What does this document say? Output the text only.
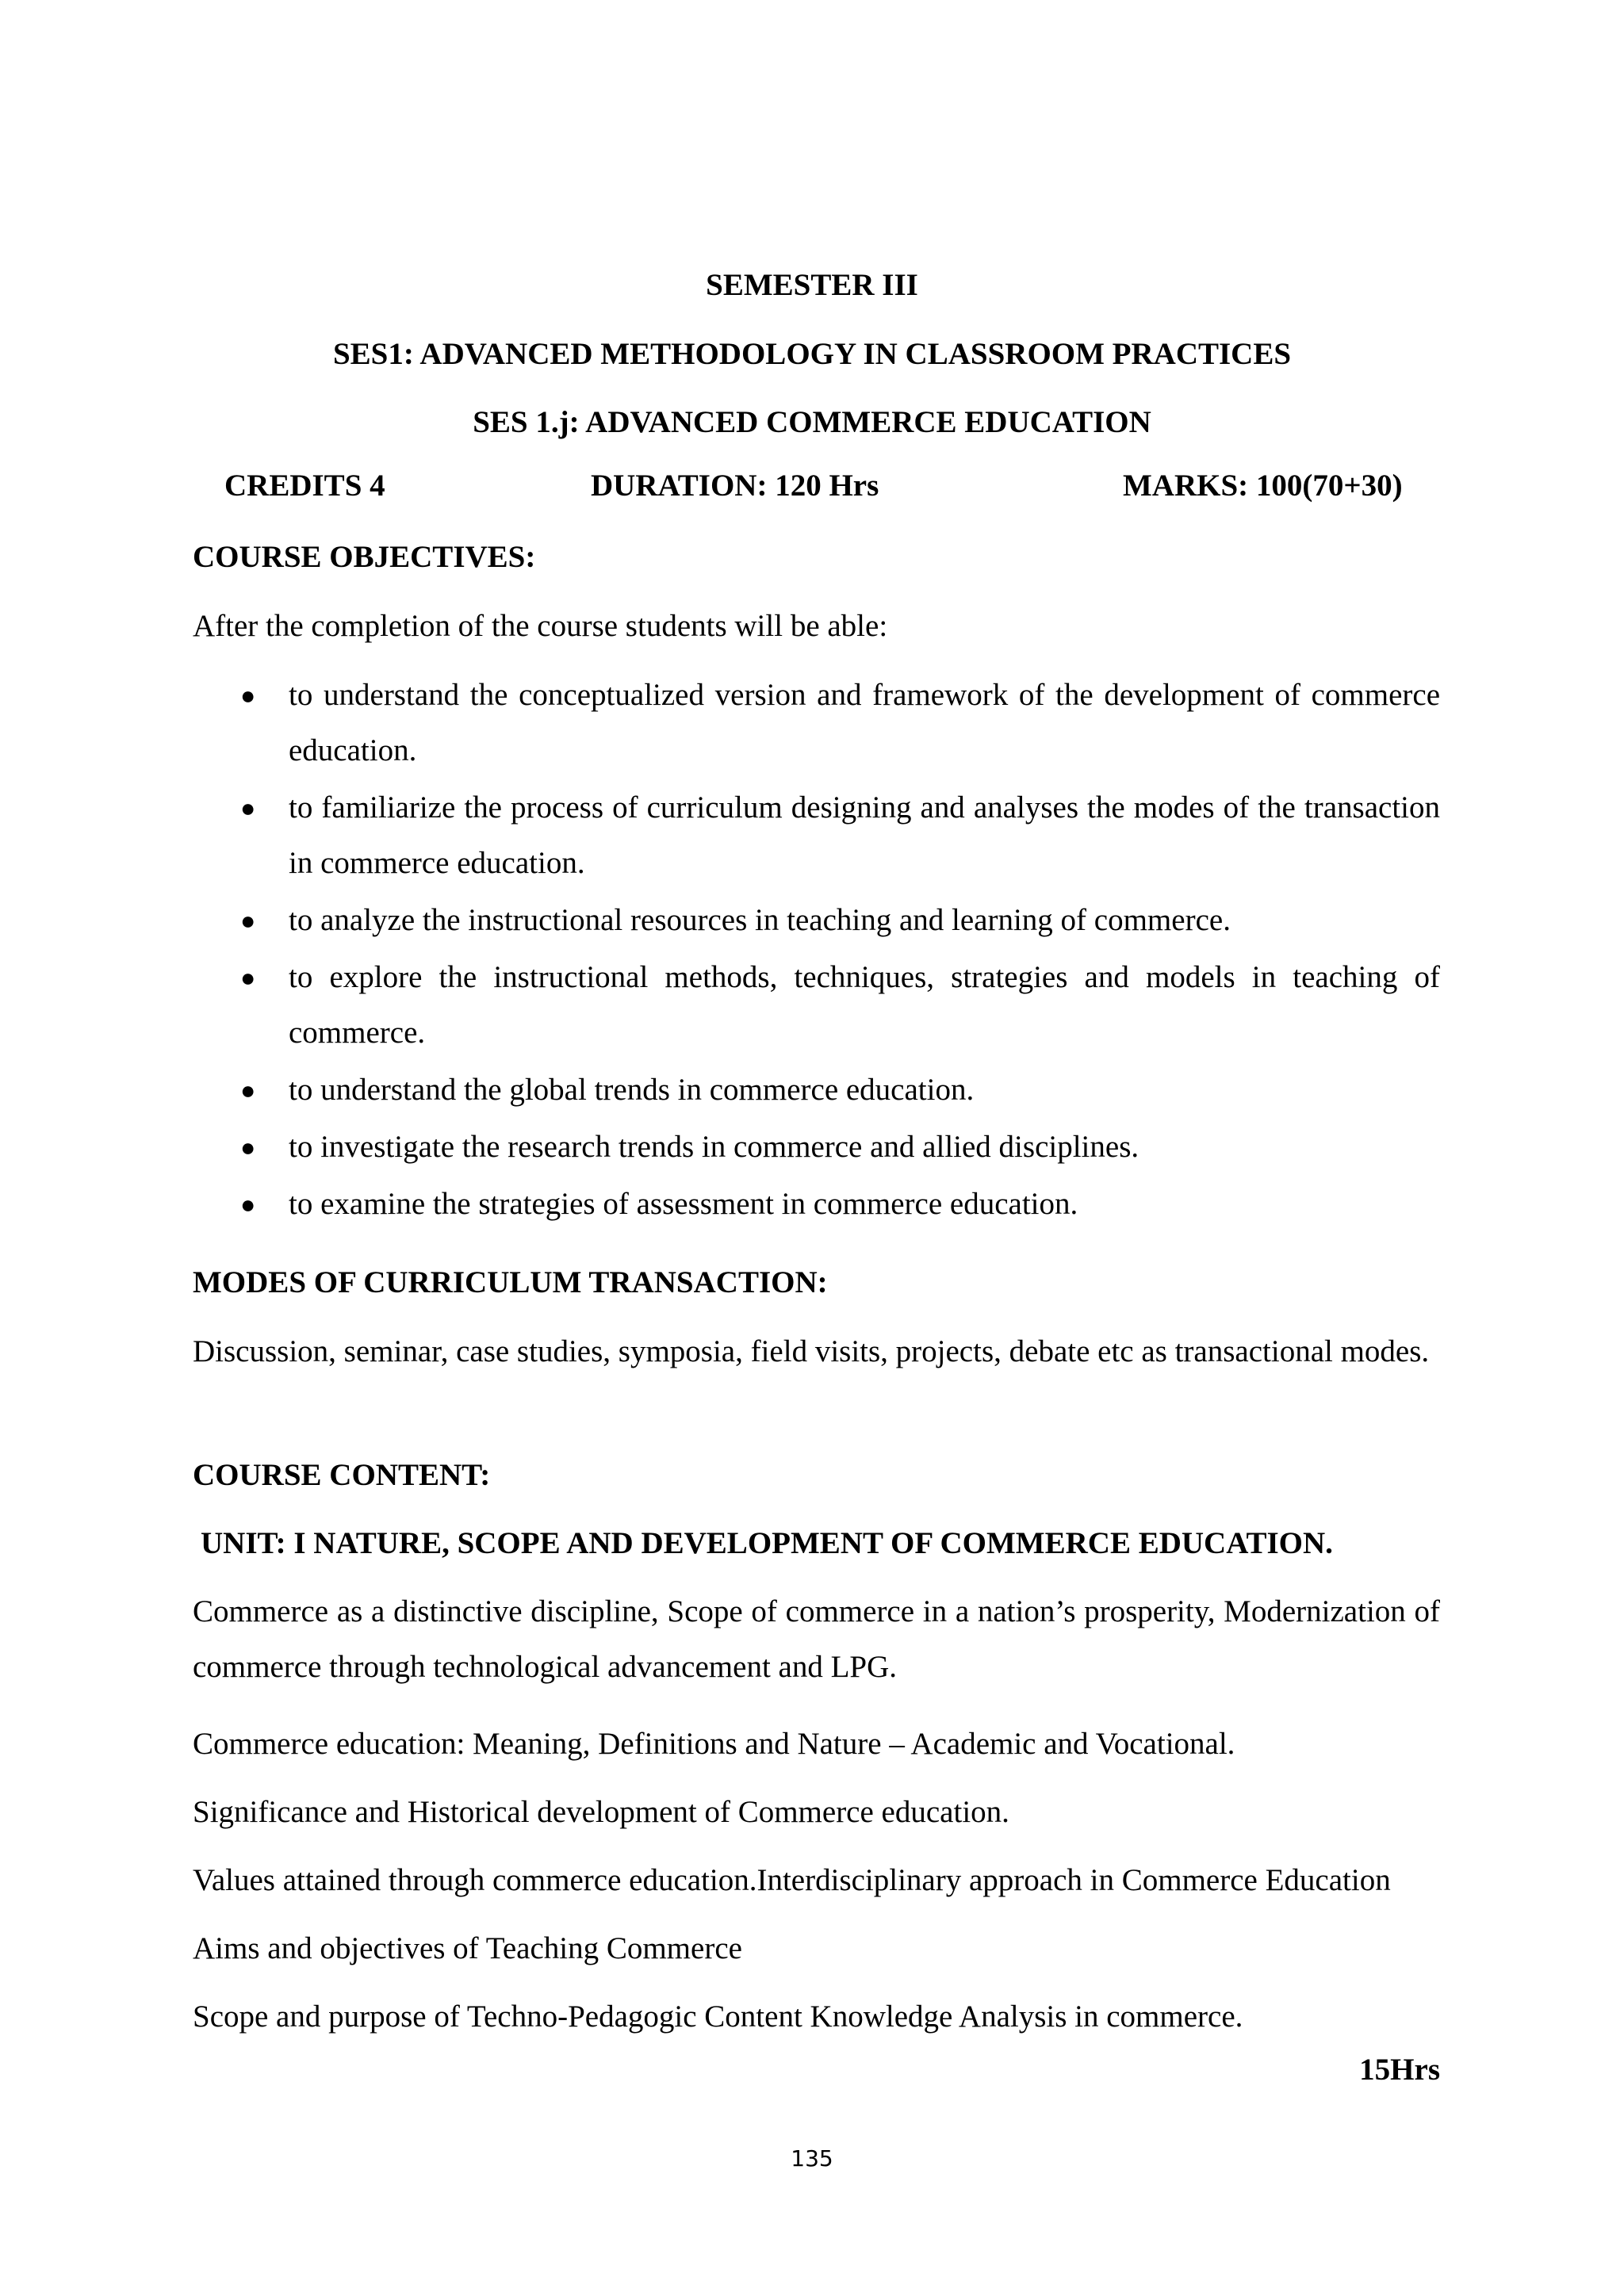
SEMESTER III
SES1: ADVANCED METHODOLOGY IN CLASSROOM PRACTICES
SES 1.j: ADVANCED COMMERCE EDUCATION
CREDITS 4	DURATION: 120 Hrs	MARKS: 100(70+30)
COURSE OBJECTIVES:
After the completion of the course students will be able:
● to understand the conceptualized version and framework of the development of commerce education.
● to familiarize the process of curriculum designing and analyses the modes of the transaction in commerce education.
● to analyze the instructional resources in teaching and learning of commerce.
● to explore the instructional methods, techniques, strategies and models in teaching of commerce.
● to understand the global trends in commerce education.
● to investigate the research trends in commerce and allied disciplines.
● to examine the strategies of assessment in commerce education.
MODES OF CURRICULUM TRANSACTION:
Discussion, seminar, case studies, symposia, field visits, projects, debate etc as transactional modes.
COURSE CONTENT:
UNIT: I NATURE, SCOPE AND DEVELOPMENT OF COMMERCE EDUCATION.
Commerce as a distinctive discipline, Scope of commerce in a nation’s prosperity, Modernization of commerce through technological advancement and LPG.
Commerce education: Meaning, Definitions and Nature – Academic and Vocational.
Significance and Historical development of Commerce education.
Values attained through commerce education.Interdisciplinary approach in Commerce Education
Aims and objectives of Teaching Commerce
Scope and purpose of Techno-Pedagogic Content Knowledge Analysis in commerce.
15Hrs
135
